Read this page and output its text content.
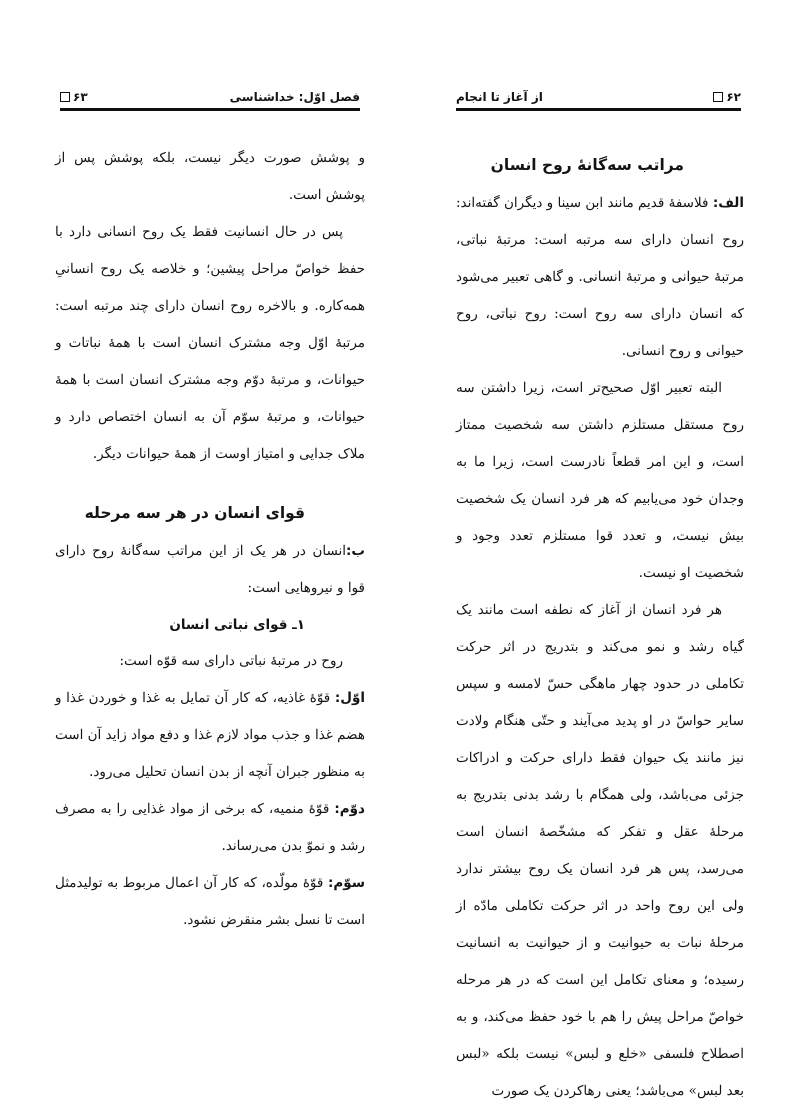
۶۳	فصل اوّل: خداشناسی

و پوشش صورت دیگر نیست، بلکه پوشش پس از پوشش است.

پس در حال انسانیت فقط یک روح انسانی دارد با حفظ خواصّ مراحل پیشین؛ و خلاصه یک روح انسانیِ همه‌کاره. و بالاخره روح انسان دارای چند مرتبه است: مرتبهٔ اوّل وجه مشترک انسان است با همهٔ نباتات و حیوانات، و مرتبهٔ دوّم وجه مشترک انسان است با همهٔ حیوانات، و مرتبهٔ سوّم آن به انسان اختصاص دارد و ملاک جدایی و امتیاز اوست از همهٔ حیوانات دیگر.

قوای انسان در هر سه مرحله

ب:انسان در هر یک از این مراتب سه‌گانهٔ روح دارای قوا و نیروهایی است:

۱ـ قوای نباتی انسان

روح در مرتبهٔ نباتی دارای سه قوّه است:

اوّل: قوّهٔ غاذیه، که کار آن تمایل به غذا و خوردن غذا و هضم غذا و جذب مواد لازم غذا و دفع مواد زاید آن است به منظور جبران آنچه از بدن انسان تحلیل می‌رود.

دوّم: قوّهٔ منمیه، که برخی از مواد غذایی را به مصرف رشد و نموّ بدن می‌رساند.

سوّم: قوّهٔ مولّده، که کار آن اعمال مربوط به تولیدمثل است تا نسل بشر منقرض نشود.

از آغاز تا انجام	۶۲
مراتب سه‌گانهٔ روح انسان

الف: فلاسفهٔ قدیم مانند ابن سینا و دیگران گفته‌اند: روح انسان دارای سه مرتبه است: مرتبهٔ نباتی، مرتبهٔ حیوانی و مرتبهٔ انسانی. و گاهی تعبیر می‌شود که انسان دارای سه روح است: روح نباتی، روح حیوانی و روح انسانی.

البته تعبیر اوّل صحیح‌تر است، زیرا داشتن سه روح مستقل مستلزم داشتن سه شخصیت ممتاز است، و این امر قطعاً نادرست است، زیرا ما به وجدان خود می‌یابیم که هر فرد انسان یک شخصیت بیش نیست، و تعدد قوا مستلزم تعدد وجود و شخصیت او نیست.

هر فرد انسان از آغاز که نطفه است مانند یک گیاه رشد و نمو می‌کند و بتدریج در اثر حرکت تکاملی در حدود چهار ماهگی حسّ لامسه و سپس سایر حواسّ در او پدید می‌آیند و حتّی هنگام ولادت نیز مانند یک حیوان فقط دارای حرکت و ادراکات جزئی می‌باشد، ولی همگام با رشد بدنی بتدریج به مرحلهٔ عقل و تفکر که مشخّصهٔ انسان است می‌رسد، پس هر فرد انسان یک روح بیشتر ندارد ولی این روح واحد در اثر حرکت تکاملی مادّه از مرحلهٔ نبات به حیوانیت و از حیوانیت به انسانیت رسیده؛ و معنای تکامل این است که در هر مرحله خواصّ مراحل پیش را هم با خود حفظ می‌کند، و به اصطلاح فلسفی «خلع و لبس» نیست بلکه «لبس بعد لبس» می‌باشد؛ یعنی رهاکردن یک صورت
